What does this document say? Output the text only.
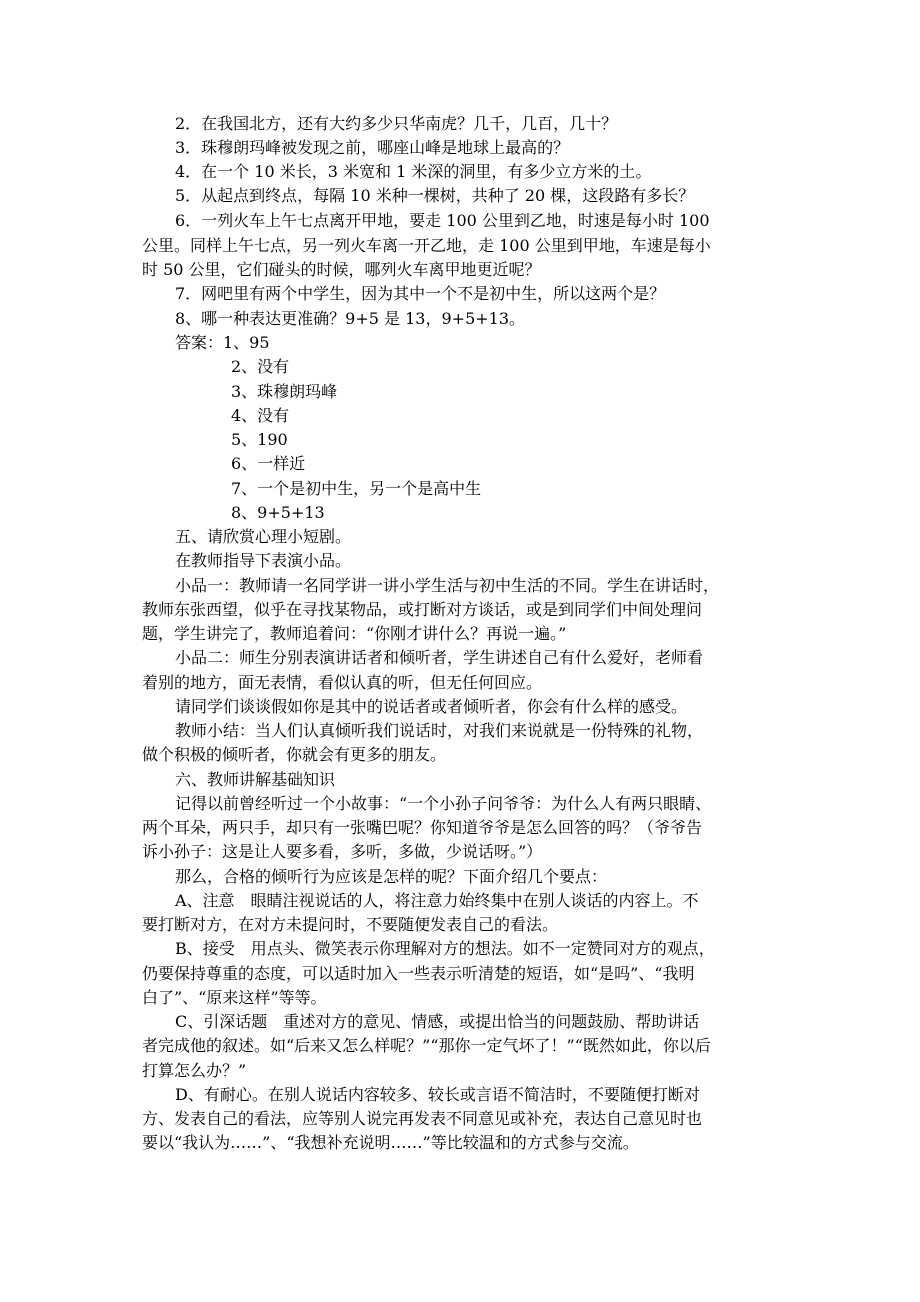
2．在我国北方，还有大约多少只华南虎？几千，几百，几十？
3．珠穆朗玛峰被发现之前，哪座山峰是地球上最高的？
4．在一个 10 米长，3 米宽和 1 米深的洞里，有多少立方米的土。
5．从起点到终点，每隔 10 米种一棵树，共种了 20 棵，这段路有多长？
6．一列火车上午七点离开甲地，要走 100 公里到乙地，时速是每小时 100
公里。同样上午七点，另一列火车离一开乙地，走 100 公里到甲地，车速是每小
时 50 公里，它们碰头的时候，哪列火车离甲地更近呢？
7．网吧里有两个中学生，因为其中一个不是初中生，所以这两个是？
8、哪一种表达更准确？9+5 是 13，9+5+13。
答案：1、95
2、没有
3、珠穆朗玛峰
4、没有
5、190
6、一样近
7、一个是初中生，另一个是高中生
8、9+5+13
五、请欣赏心理小短剧。
在教师指导下表演小品。
小品一：教师请一名同学讲一讲小学生活与初中生活的不同。学生在讲话时，
教师东张西望，似乎在寻找某物品，或打断对方谈话，或是到同学们中间处理问
题，学生讲完了，教师追着问：“你刚才讲什么？再说一遍。”
小品二：师生分别表演讲话者和倾听者，学生讲述自己有什么爱好，老师看
着别的地方，面无表情，看似认真的听，但无任何回应。
请同学们谈谈假如你是其中的说话者或者倾听者，你会有什么样的感受。
教师小结：当人们认真倾听我们说话时，对我们来说就是一份特殊的礼物，
做个积极的倾听者，你就会有更多的朋友。
六、教师讲解基础知识
记得以前曾经听过一个小故事：“一个小孙子问爷爷：为什么人有两只眼睛、
两个耳朵，两只手，却只有一张嘴巴呢？你知道爷爷是怎么回答的吗？（爷爷告
诉小孙子：这是让人要多看，多听，多做，少说话呀。”）
那么，合格的倾听行为应该是怎样的呢？下面介绍几个要点：
A、注意　眼睛注视说话的人，将注意力始终集中在别人谈话的内容上。不
要打断对方，在对方未提问时，不要随便发表自己的看法。
B、接受　用点头、微笑表示你理解对方的想法。如不一定赞同对方的观点，
仍要保持尊重的态度，可以适时加入一些表示听清楚的短语，如“是吗”、“我明
白了”、“原来这样”等等。
C、引深话题　重述对方的意见、情感，或提出恰当的问题鼓励、帮助讲话
者完成他的叙述。如“后来又怎么样呢？”“那你一定气坏了！”“既然如此，你以后
打算怎么办？”
D、有耐心。在别人说话内容较多、较长或言语不简洁时，不要随便打断对
方、发表自己的看法，应等别人说完再发表不同意见或补充，表达自己意见时也
要以“我认为……”、“我想补充说明……”等比较温和的方式参与交流。
